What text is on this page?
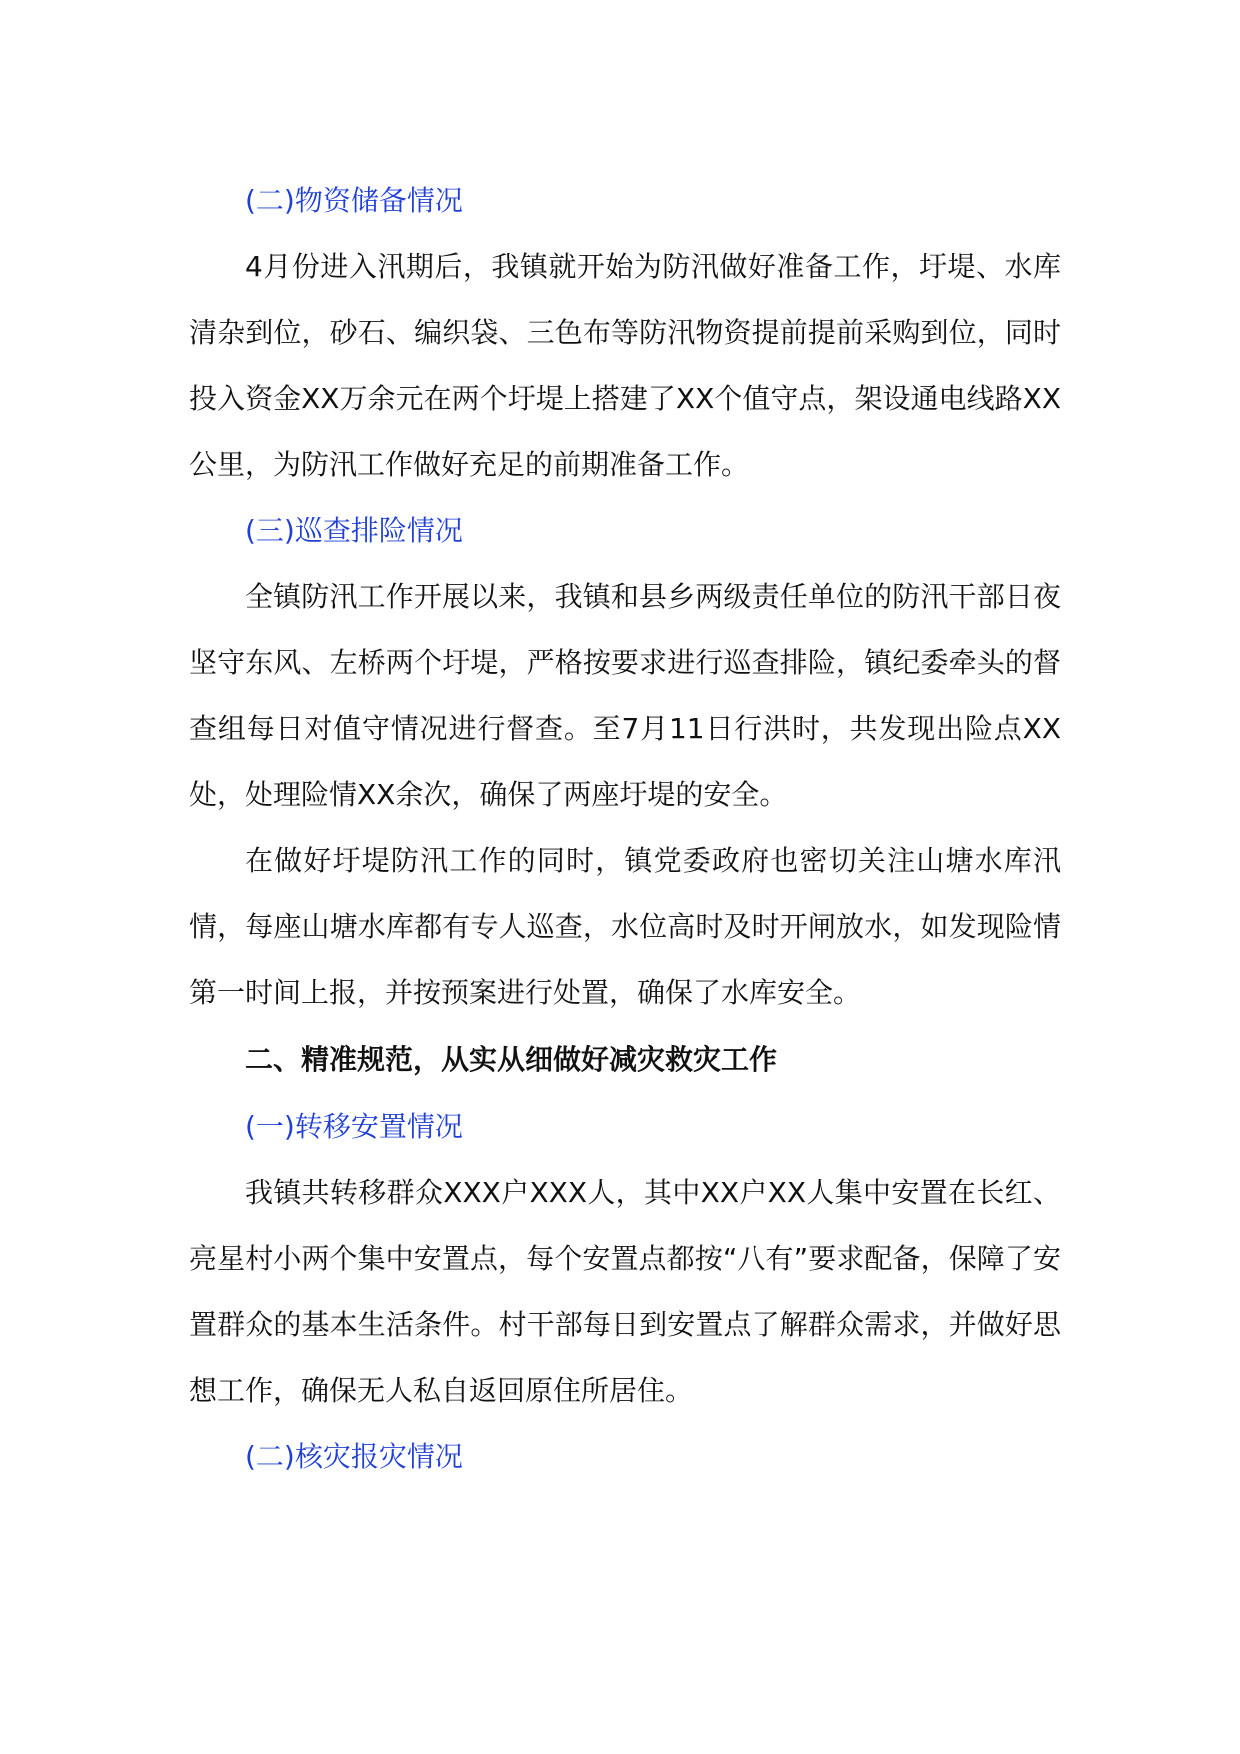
(二)物资储备情况

4月份进入汛期后，我镇就开始为防汛做好准备工作，圩堤、水库清杂到位，砂石、编织袋、三色布等防汛物资提前提前采购到位，同时投入资金XX万余元在两个圩堤上搭建了XX个值守点，架设通电线路XX公里，为防汛工作做好充足的前期准备工作。

(三)巡查排险情况

全镇防汛工作开展以来，我镇和县乡两级责任单位的防汛干部日夜坚守东风、左桥两个圩堤，严格按要求进行巡查排险，镇纪委牵头的督查组每日对值守情况进行督查。至7月11日行洪时，共发现出险点XX处，处理险情XX余次，确保了两座圩堤的安全。

在做好圩堤防汛工作的同时，镇党委政府也密切关注山塘水库汛情，每座山塘水库都有专人巡查，水位高时及时开闸放水，如发现险情第一时间上报，并按预案进行处置，确保了水库安全。

二、精准规范，从实从细做好减灾救灾工作

(一)转移安置情况

我镇共转移群众XXX户XXX人，其中XX户XX人集中安置在长红、亮星村小两个集中安置点，每个安置点都按“八有”要求配备，保障了安置群众的基本生活条件。村干部每日到安置点了解群众需求，并做好思想工作，确保无人私自返回原住所居住。

(二)核灾报灾情况
